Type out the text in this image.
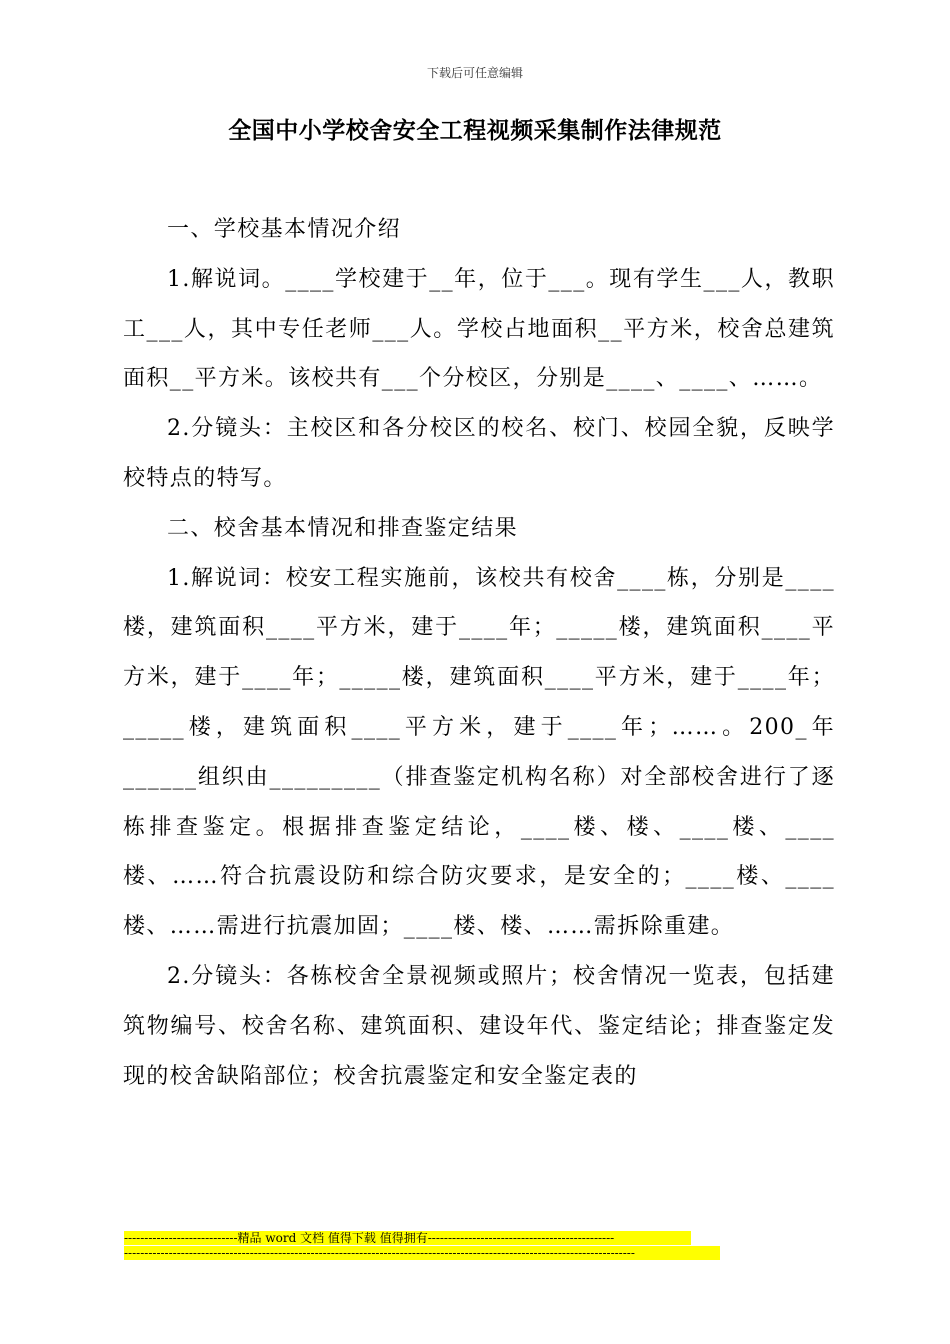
下载后可任意编辑
全国中小学校舍安全工程视频采集制作法律规范

一、学校基本情况介绍

1.解说词。____学校建于__年，位于___。现有学生___人，教职工___人，其中专任老师___人。学校占地面积__平方米，校舍总建筑面积__平方米。该校共有___个分校区，分别是____、____、……。

2.分镜头：主校区和各分校区的校名、校门、校园全貌，反映学校特点的特写。

二、校舍基本情况和排查鉴定结果

1.解说词：校安工程实施前，该校共有校舍____栋，分别是____楼，建筑面积____平方米，建于____年；_____楼，建筑面积____平方米，建于____年；_____楼，建筑面积____平方米，建于____年；_____楼，建筑面积____平方米，建于____年；……。200_年______组织由_________（排查鉴定机构名称）对全部校舍进行了逐栋排查鉴定。根据排查鉴定结论，____楼、楼、____楼、____楼、……符合抗震设防和综合防灾要求，是安全的；____楼、____楼、……需进行抗震加固；____楼、楼、……需拆除重建。

2.分镜头：各栋校舍全景视频或照片；校舍情况一览表，包括建筑物编号、校舍名称、建筑面积、建设年代、鉴定结论；排查鉴定发现的校舍缺陷部位；校舍抗震鉴定和安全鉴定表的

----------------------------精品 word 文档 值得下载 值得拥有----------------------------------------------
------------------------------------------------------------------------------------------------------------------------------
